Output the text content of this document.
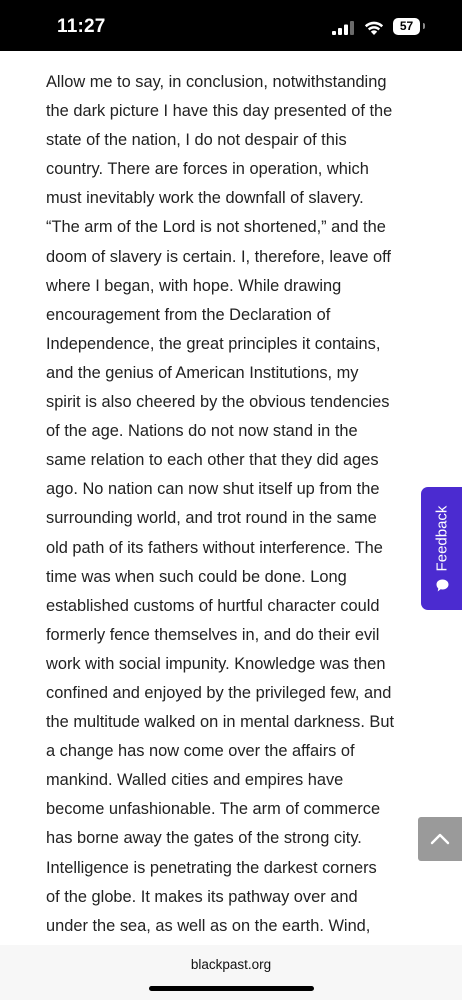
11:27	57

Allow me to say, in conclusion, notwithstanding
the dark picture I have this day presented of the
state of the nation, I do not despair of this
country. There are forces in operation, which
must inevitably work the downfall of slavery.
“The arm of the Lord is not shortened,” and the
doom of slavery is certain. I, therefore, leave off
where I began, with hope. While drawing
encouragement from the Declaration of
Independence, the great principles it contains,
and the genius of American Institutions, my
spirit is also cheered by the obvious tendencies
of the age. Nations do not now stand in the
same relation to each other that they did ages
ago. No nation can now shut itself up from the
surrounding world, and trot round in the same
old path of its fathers without interference. The
time was when such could be done. Long
established customs of hurtful character could
formerly fence themselves in, and do their evil
work with social impunity. Knowledge was then
confined and enjoyed by the privileged few, and
the multitude walked on in mental darkness. But
a change has now come over the affairs of
mankind. Walled cities and empires have
become unfashionable. The arm of commerce
has borne away the gates of the strong city.
Intelligence is penetrating the darkest corners
of the globe. It makes its pathway over and
under the sea, as well as on the earth. Wind,

Feedback
blackpast.org
